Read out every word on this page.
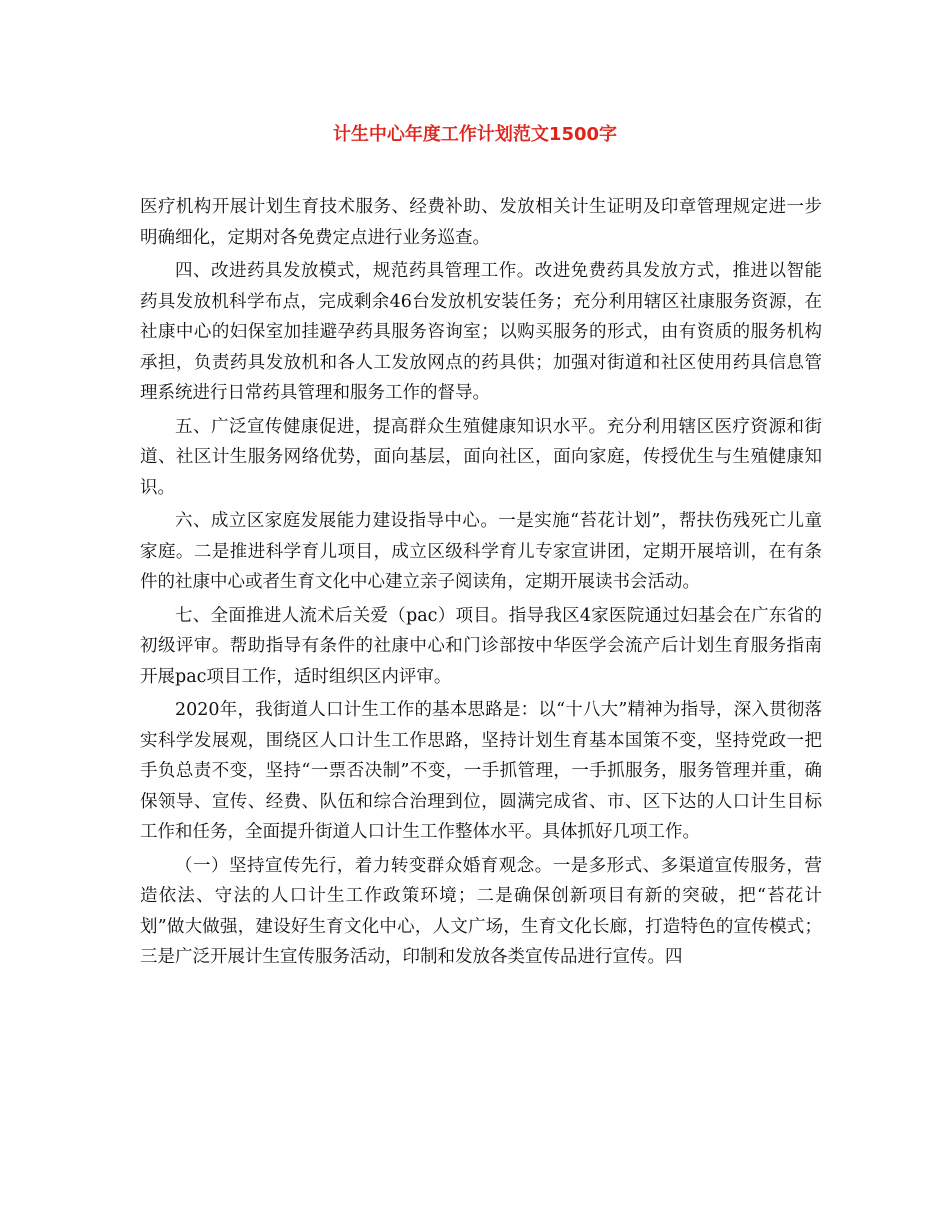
计生中心年度工作计划范文1500字

医疗机构开展计划生育技术服务、经费补助、发放相关计生证明及印章管理规定进一步明确细化，定期对各免费定点进行业务巡查。

四、改进药具发放模式，规范药具管理工作。改进免费药具发放方式，推进以智能药具发放机科学布点，完成剩余46台发放机安装任务；充分利用辖区社康服务资源，在社康中心的妇保室加挂避孕药具服务咨询室；以购买服务的形式，由有资质的服务机构承担，负责药具发放机和各人工发放网点的药具供；加强对街道和社区使用药具信息管理系统进行日常药具管理和服务工作的督导。

五、广泛宣传健康促进，提高群众生殖健康知识水平。充分利用辖区医疗资源和街道、社区计生服务网络优势，面向基层，面向社区，面向家庭，传授优生与生殖健康知识。

六、成立区家庭发展能力建设指导中心。一是实施“苔花计划”，帮扶伤残死亡儿童家庭。二是推进科学育儿项目，成立区级科学育儿专家宣讲团，定期开展培训，在有条件的社康中心或者生育文化中心建立亲子阅读角，定期开展读书会活动。

七、全面推进人流术后关爱（pac）项目。指导我区4家医院通过妇基会在广东省的初级评审。帮助指导有条件的社康中心和门诊部按中华医学会流产后计划生育服务指南开展pac项目工作，适时组织区内评审。

2020年，我街道人口计生工作的基本思路是：以“十八大”精神为指导，深入贯彻落实科学发展观，围绕区人口计生工作思路，坚持计划生育基本国策不变，坚持党政一把手负总责不变，坚持“一票否决制”不变，一手抓管理，一手抓服务，服务管理并重，确保领导、宣传、经费、队伍和综合治理到位，圆满完成省、市、区下达的人口计生目标工作和任务，全面提升街道人口计生工作整体水平。具体抓好几项工作。

（一）坚持宣传先行，着力转变群众婚育观念。一是多形式、多渠道宣传服务，营造依法、守法的人口计生工作政策环境；二是确保创新项目有新的突破，把“苔花计划”做大做强，建设好生育文化中心，人文广场，生育文化长廊，打造特色的宣传模式；三是广泛开展计生宣传服务活动，印制和发放各类宣传品进行宣传。四
